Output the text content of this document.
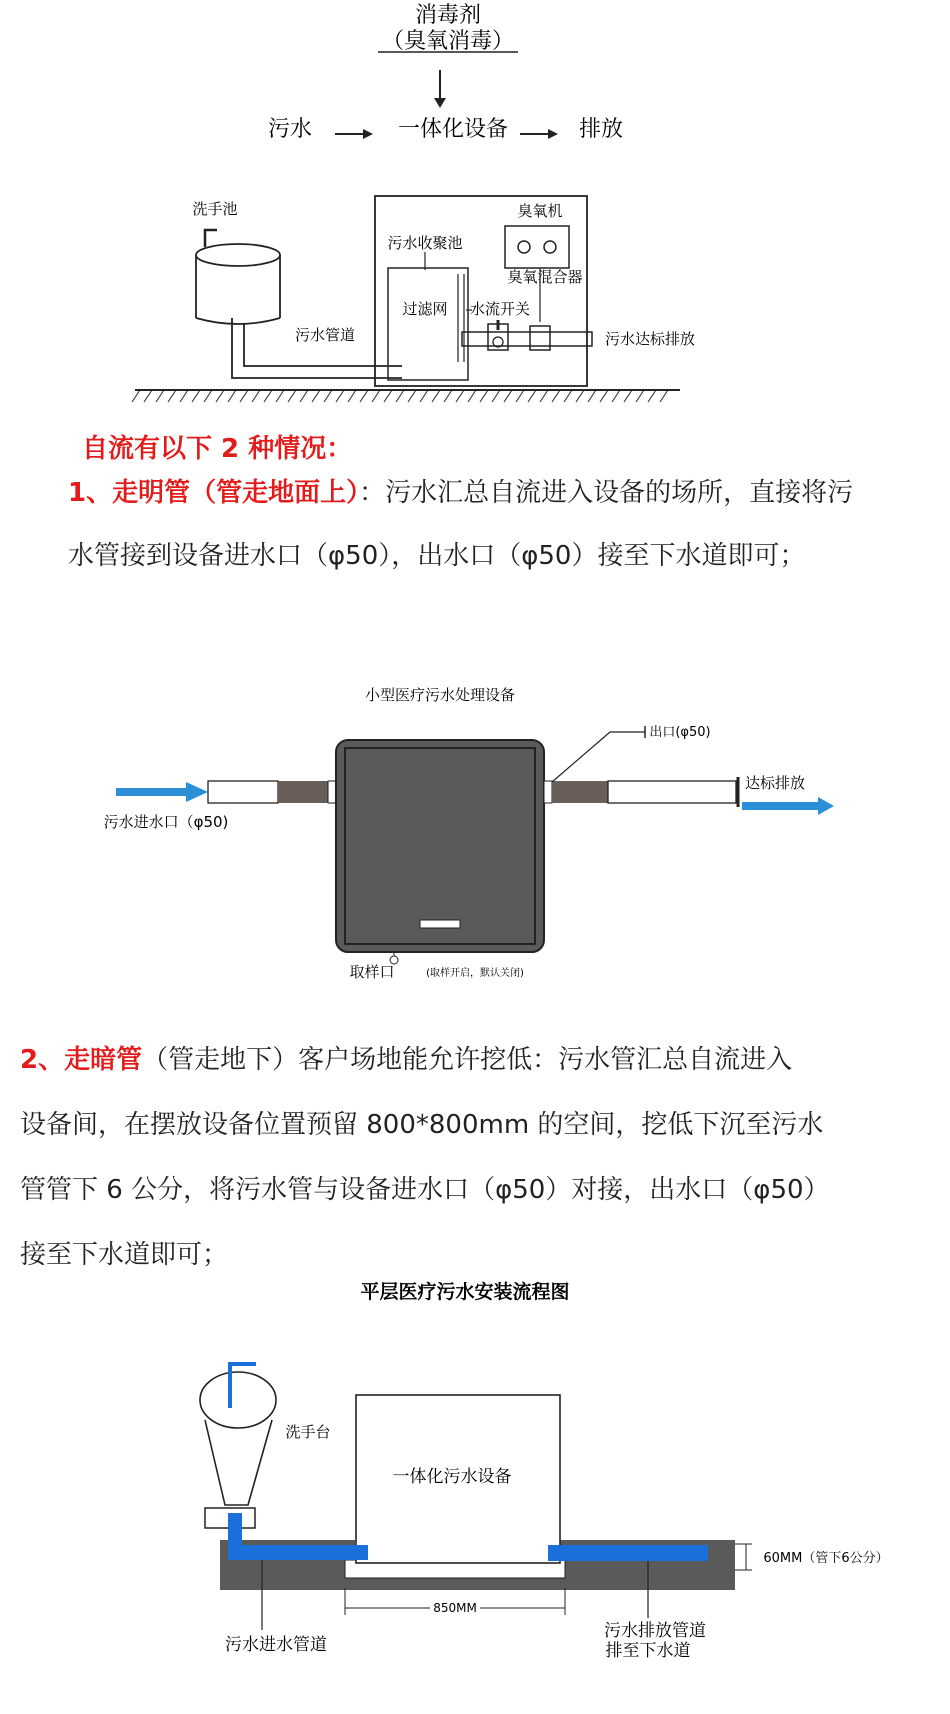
消毒剂
（臭氧消毒）
污水	一体化设备	排放
洗手池
污水管道
臭氧机
臭氧混合器
污水收聚池
过滤网 水流开关
污水达标排放
自流有以下 2 种情况：
1、走明管（管走地面上）：污水汇总自流进入设备的场所，直接将污
水管接到设备进水口（φ50），出水口（φ50）接至下水道即可；
小型医疗污水处理设备
污水进水口（φ50)
取样口	(取样开启，默认关闭)
出口(φ50)
达标排放
2、走暗管（管走地下）客户场地能允许挖低：污水管汇总自流进入
设备间，在摆放设备位置预留 800*800mm 的空间，挖低下沉至污水
管管下 6 公分，将污水管与设备进水口（φ50）对接，出水口（φ50）
接至下水道即可；
平层医疗污水安装流程图
洗手台
一体化污水设备
污水进水管道
污水排放管道
排至下水道
850MM
60MM（管下6公分）
